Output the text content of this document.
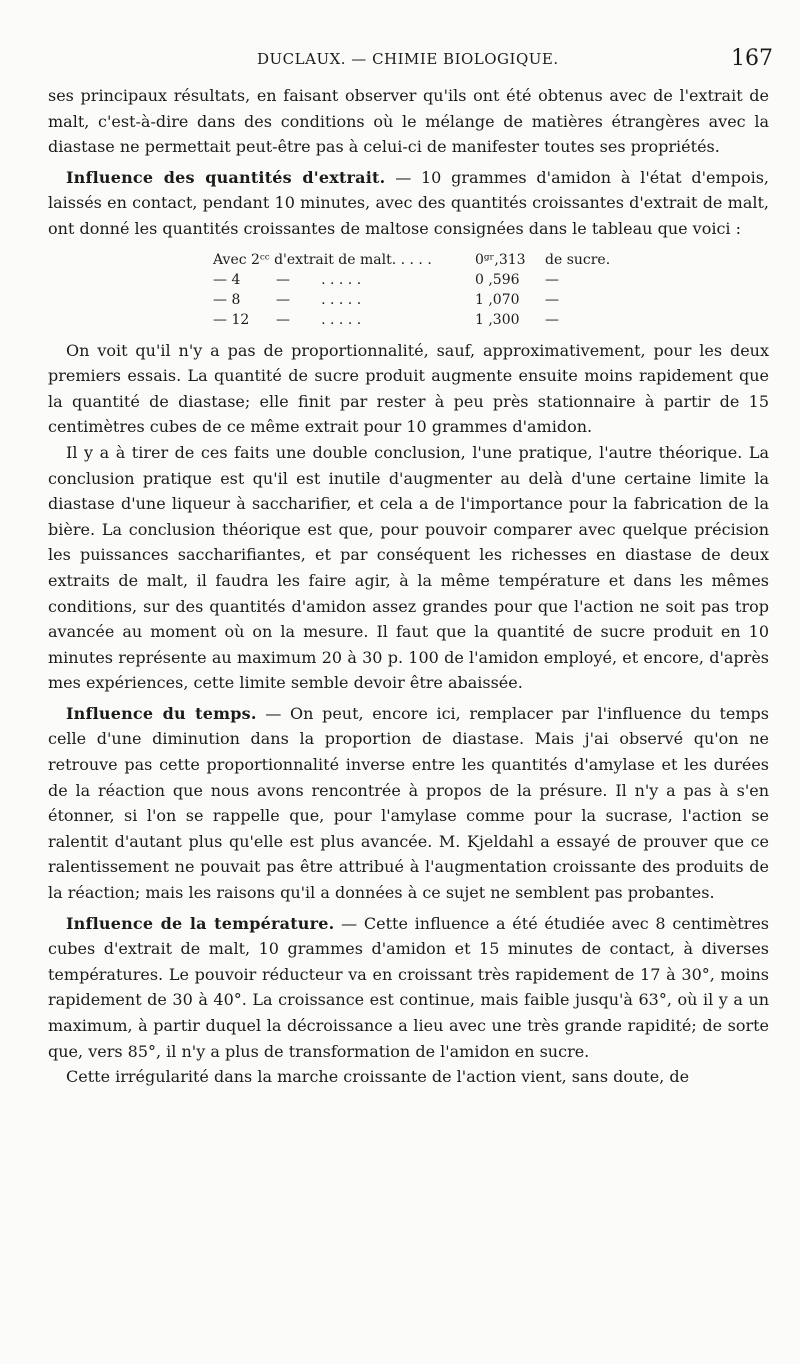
DUCLAUX. — CHIMIE BIOLOGIQUE.	167

ses principaux résultats, en faisant observer qu'ils ont été obtenus avec de l'extrait de malt, c'est-à-dire dans des conditions où le mélange de matières étrangères avec la diastase ne permettait peut-être pas à celui-ci de manifester toutes ses propriétés.

Influence des quantités d'extrait. — 10 grammes d'amidon à l'état d'empois, laissés en contact, pendant 10 minutes, avec des quantités croissantes d'extrait de malt, ont donné les quantités croissantes de maltose consignées dans le tableau que voici :

Avec 2ᶜᶜ d'extrait de malt. . . . .	0ᵍʳ,313	de sucre.
— 4        —       . . . . .	0 ,596	—
— 8        —       . . . . .	1 ,070	—
— 12      —       . . . . .	1 ,300	—

On voit qu'il n'y a pas de proportionnalité, sauf, approximativement, pour les deux premiers essais. La quantité de sucre produit augmente ensuite moins rapidement que la quantité de diastase; elle finit par rester à peu près stationnaire à partir de 15 centimètres cubes de ce même extrait pour 10 grammes d'amidon.

Il y a à tirer de ces faits une double conclusion, l'une pratique, l'autre théorique. La conclusion pratique est qu'il est inutile d'augmenter au delà d'une certaine limite la diastase d'une liqueur à saccharifier, et cela a de l'importance pour la fabrication de la bière. La conclusion théorique est que, pour pouvoir comparer avec quelque précision les puissances saccharifiantes, et par conséquent les richesses en diastase de deux extraits de malt, il faudra les faire agir, à la même température et dans les mêmes conditions, sur des quantités d'amidon assez grandes pour que l'action ne soit pas trop avancée au moment où on la mesure. Il faut que la quantité de sucre produit en 10 minutes représente au maximum 20 à 30 p. 100 de l'amidon employé, et encore, d'après mes expériences, cette limite semble devoir être abaissée.

Influence du temps. — On peut, encore ici, remplacer par l'influence du temps celle d'une diminution dans la proportion de diastase. Mais j'ai observé qu'on ne retrouve pas cette proportionnalité inverse entre les quantités d'amylase et les durées de la réaction que nous avons rencontrée à propos de la présure. Il n'y a pas à s'en étonner, si l'on se rappelle que, pour l'amylase comme pour la sucrase, l'action se ralentit d'autant plus qu'elle est plus avancée. M. Kjeldahl a essayé de prouver que ce ralentissement ne pouvait pas être attribué à l'augmentation croissante des produits de la réaction; mais les raisons qu'il a données à ce sujet ne semblent pas probantes.

Influence de la température. — Cette influence a été étudiée avec 8 centimètres cubes d'extrait de malt, 10 grammes d'amidon et 15 minutes de contact, à diverses températures. Le pouvoir réducteur va en croissant très rapidement de 17 à 30°, moins rapidement de 30 à 40°. La croissance est continue, mais faible jusqu'à 63°, où il y a un maximum, à partir duquel la décroissance a lieu avec une très grande rapidité; de sorte que, vers 85°, il n'y a plus de transformation de l'amidon en sucre.

Cette irrégularité dans la marche croissante de l'action vient, sans doute, de
